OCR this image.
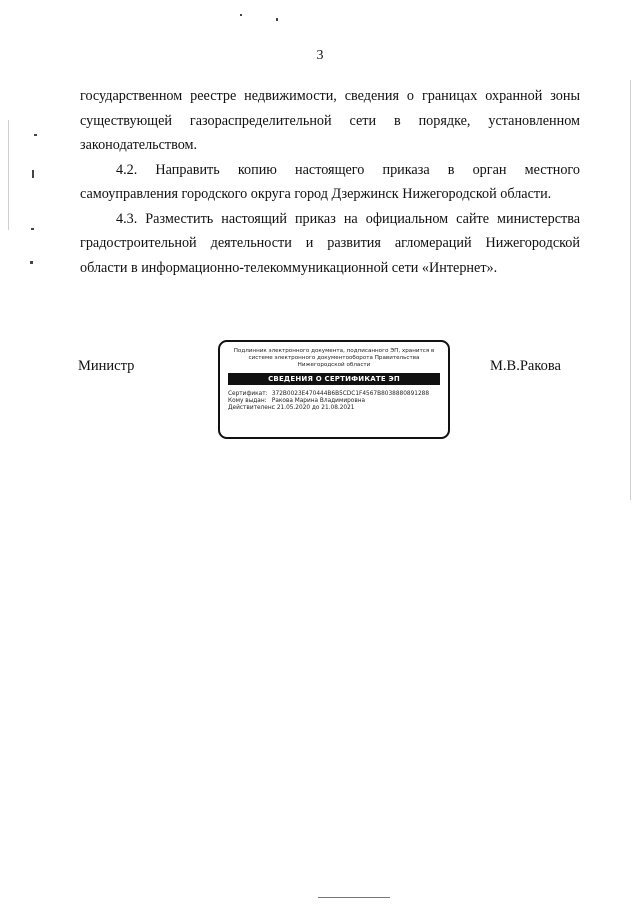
3

государственном реестре недвижимости, сведения о границах охранной зоны

существующей газораспределительной сети в порядке, установленном

законодательством.

4.2. Направить копию настоящего приказа в орган местного

самоуправления городского округа город Дзержинск Нижегородской области.

4.3. Разместить настоящий приказ на официальном сайте министерства

градостроительной деятельности и развития агломераций Нижегородской

области в информационно-телекоммуникационной сети «Интернет».

Министр	М.В.Ракова
Подлинник электронного документа, подписанного ЭП, хранится в системе электронного документооборота Правительства Нижегородской области
СВЕДЕНИЯ О СЕРТИФИКАТЕ ЭП
Сертификат: 372B0023E470444B6B5CDC1F4567B8038880891288
Кому выдан: Ракова Марина Владимировна
Действителен: с 21.05.2020 до 21.08.2021
